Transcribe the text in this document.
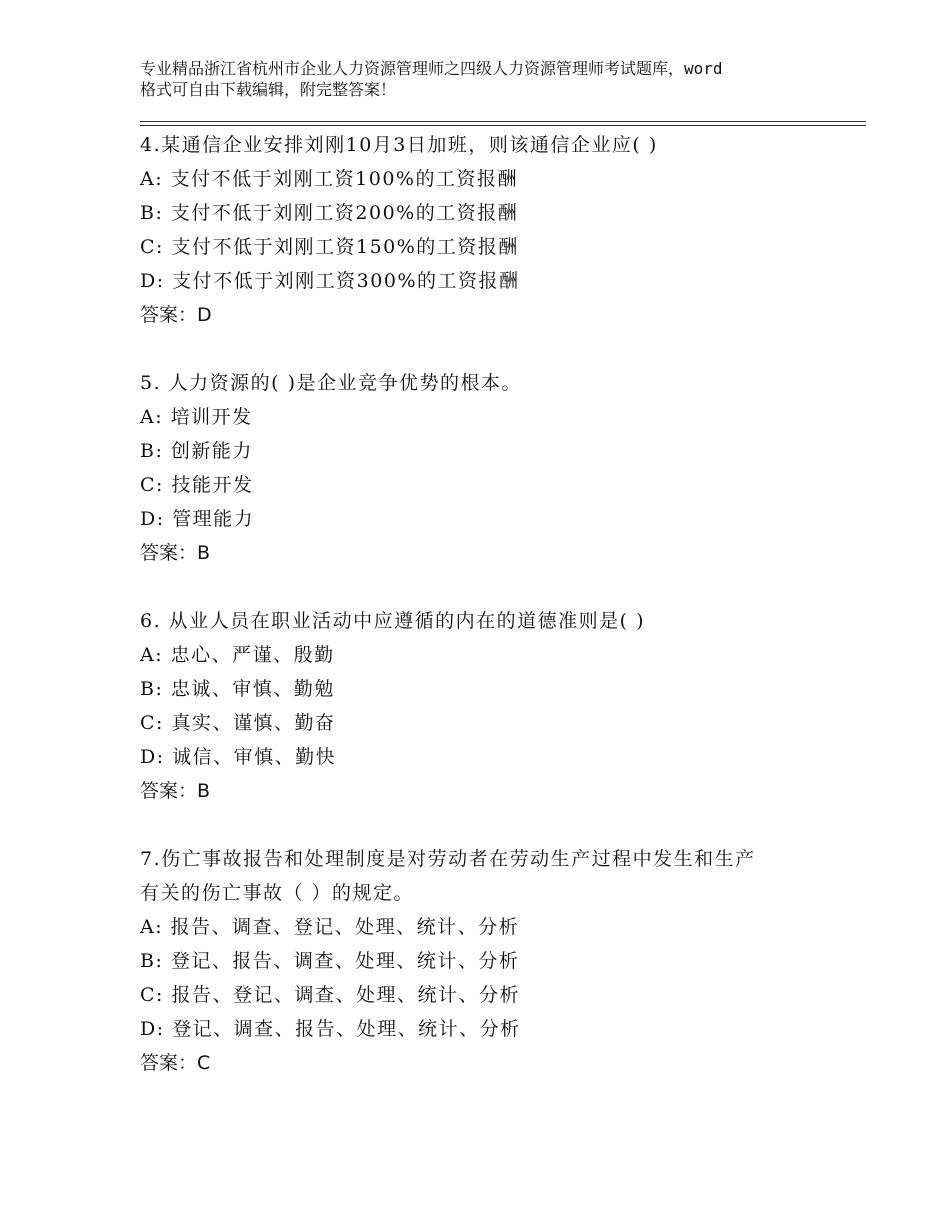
专业精品浙江省杭州市企业人力资源管理师之四级人力资源管理师考试题库，word
格式可自由下载编辑，附完整答案！
4.某通信企业安排刘刚10月3日加班，则该通信企业应( )
A: 支付不低于刘刚工资100%的工资报酬
B: 支付不低于刘刚工资200%的工资报酬
C: 支付不低于刘刚工资150%的工资报酬
D: 支付不低于刘刚工资300%的工资报酬
答案：D
5. 人力资源的( )是企业竞争优势的根本。
A: 培训开发
B: 创新能力
C: 技能开发
D: 管理能力
答案：B
6. 从业人员在职业活动中应遵循的内在的道德准则是( )
A: 忠心、严谨、殷勤
B: 忠诚、审慎、勤勉
C: 真实、谨慎、勤奋
D: 诚信、审慎、勤快
答案：B
7.伤亡事故报告和处理制度是对劳动者在劳动生产过程中发生和生产
有关的伤亡事故（ ）的规定。
A: 报告、调查、登记、处理、统计、分析
B: 登记、报告、调查、处理、统计、分析
C: 报告、登记、调查、处理、统计、分析
D: 登记、调查、报告、处理、统计、分析
答案：C
